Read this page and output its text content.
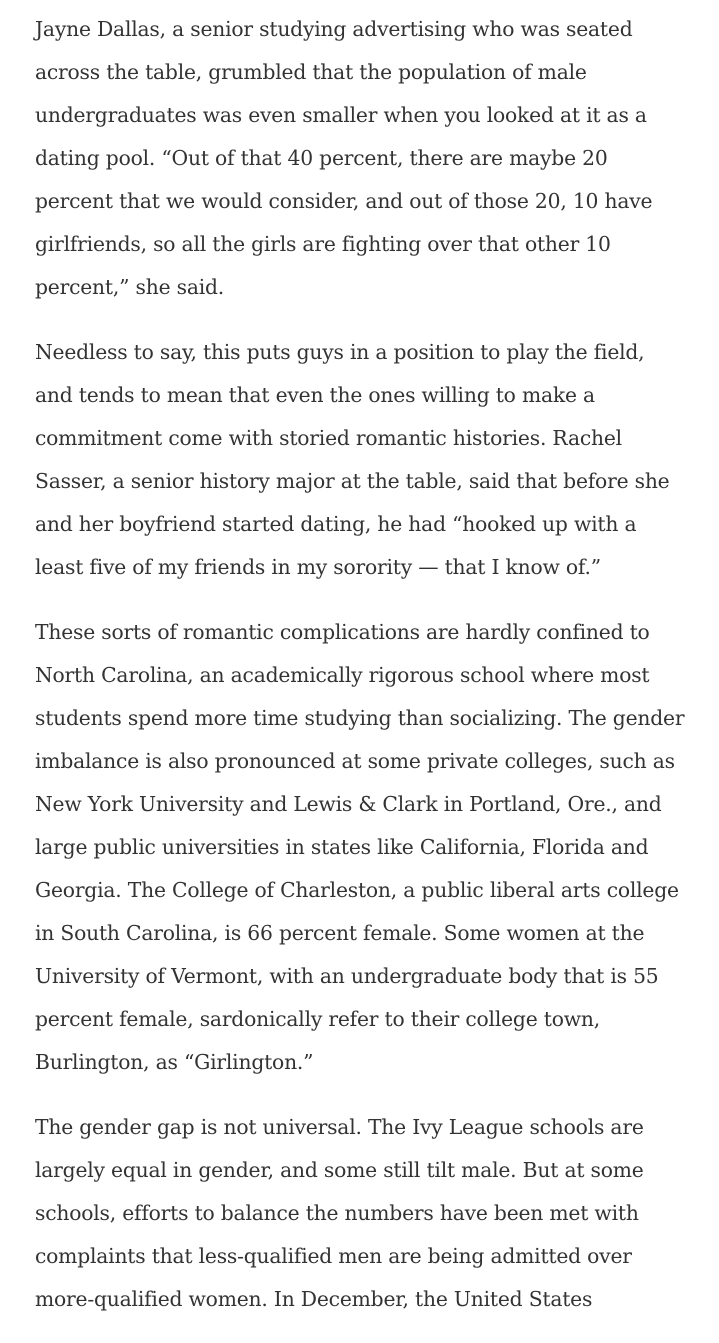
Jayne Dallas, a senior studying advertising who was seated across the table, grumbled that the population of male undergraduates was even smaller when you looked at it as a dating pool. “Out of that 40 percent, there are maybe 20 percent that we would consider, and out of those 20, 10 have girlfriends, so all the girls are fighting over that other 10 percent,” she said.

Needless to say, this puts guys in a position to play the field, and tends to mean that even the ones willing to make a commitment come with storied romantic histories. Rachel Sasser, a senior history major at the table, said that before she and her boyfriend started dating, he had “hooked up with a least five of my friends in my sorority — that I know of.”

These sorts of romantic complications are hardly confined to North Carolina, an academically rigorous school where most students spend more time studying than socializing. The gender imbalance is also pronounced at some private colleges, such as New York University and Lewis & Clark in Portland, Ore., and large public universities in states like California, Florida and Georgia. The College of Charleston, a public liberal arts college in South Carolina, is 66 percent female. Some women at the University of Vermont, with an undergraduate body that is 55 percent female, sardonically refer to their college town, Burlington, as “Girlington.”

The gender gap is not universal. The Ivy League schools are largely equal in gender, and some still tilt male. But at some schools, efforts to balance the numbers have been met with complaints that less-qualified men are being admitted over more-qualified women. In December, the United States
